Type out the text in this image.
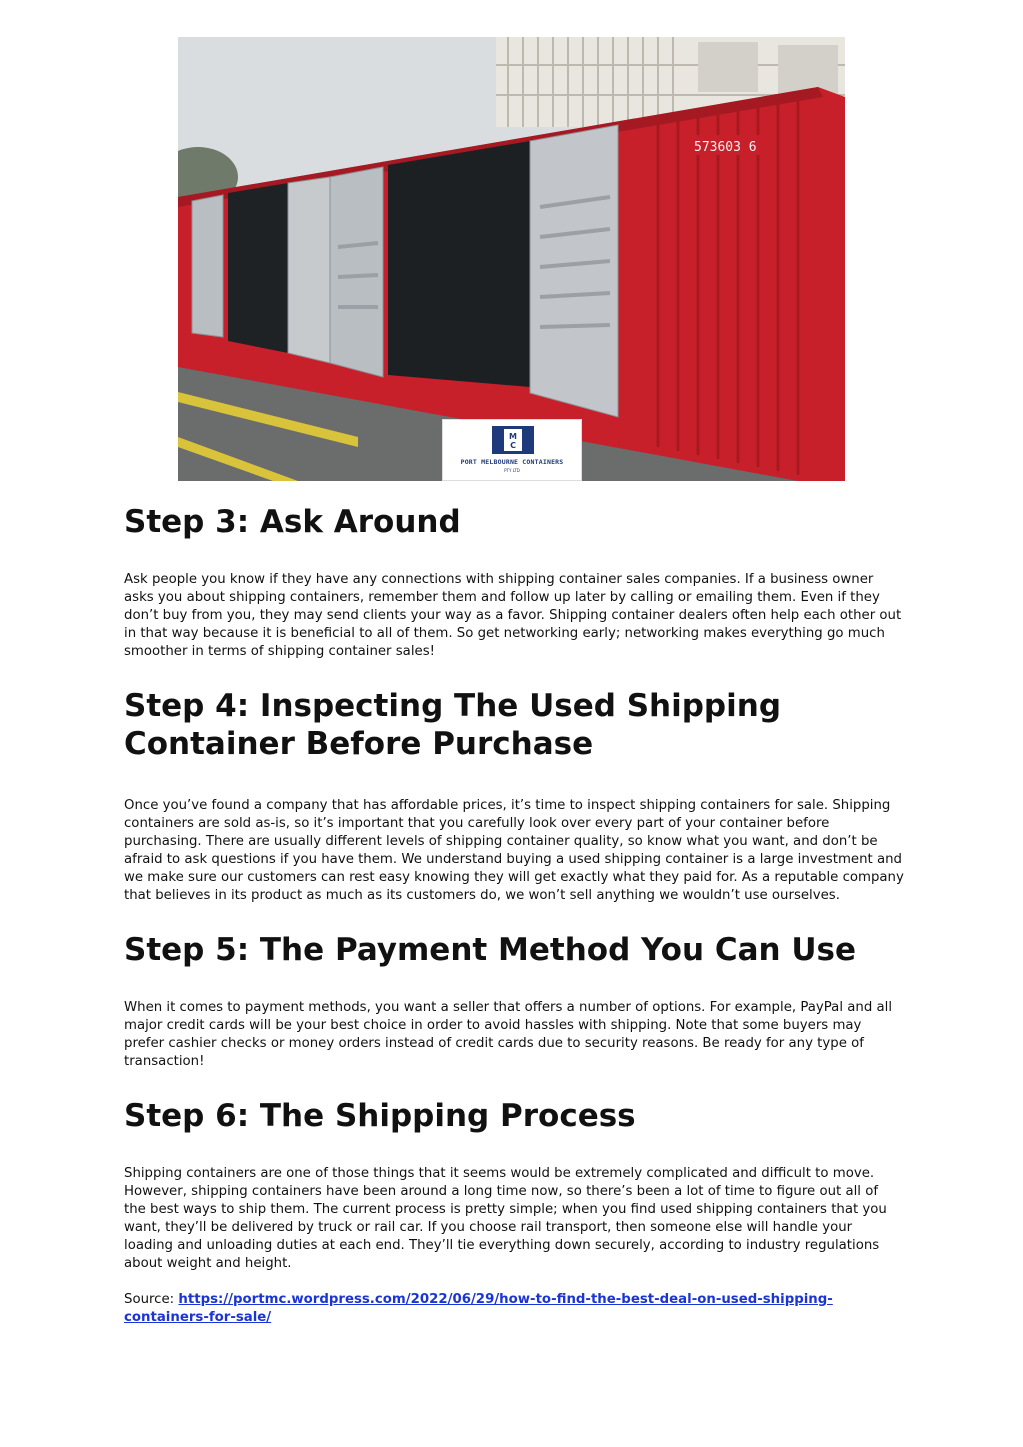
573603 6
M
C
PORT MELBOURNE CONTAINERS
PTY LTD
Step 3: Ask Around

Ask people you know if they have any connections with shipping container sales companies. If a business owner asks you about shipping containers, remember them and follow up later by calling or emailing them. Even if they don’t buy from you, they may send clients your way as a favor. Shipping container dealers often help each other out in that way because it is beneficial to all of them. So get networking early; networking makes everything go much smoother in terms of shipping container sales!

Step 4: Inspecting The Used Shipping Container Before Purchase

Once you’ve found a company that has affordable prices, it’s time to inspect shipping containers for sale. Shipping containers are sold as-is, so it’s important that you carefully look over every part of your container before purchasing. There are usually different levels of shipping container quality, so know what you want, and don’t be afraid to ask questions if you have them. We understand buying a used shipping container is a large investment and we make sure our customers can rest easy knowing they will get exactly what they paid for. As a reputable company that believes in its product as much as its customers do, we won’t sell anything we wouldn’t use ourselves.

Step 5: The Payment Method You Can Use

When it comes to payment methods, you want a seller that offers a number of options. For example, PayPal and all major credit cards will be your best choice in order to avoid hassles with shipping. Note that some buyers may prefer cashier checks or money orders instead of credit cards due to security reasons. Be ready for any type of transaction!

Step 6: The Shipping Process

Shipping containers are one of those things that it seems would be extremely complicated and difficult to move. However, shipping containers have been around a long time now, so there’s been a lot of time to figure out all of the best ways to ship them. The current process is pretty simple; when you find used shipping containers that you want, they’ll be delivered by truck or rail car. If you choose rail transport, then someone else will handle your loading and unloading duties at each end. They’ll tie everything down securely, according to industry regulations about weight and height.

Source: https://portmc.wordpress.com/2022/06/29/how-to-find-the-best-deal-on-used-shipping-containers-for-sale/
